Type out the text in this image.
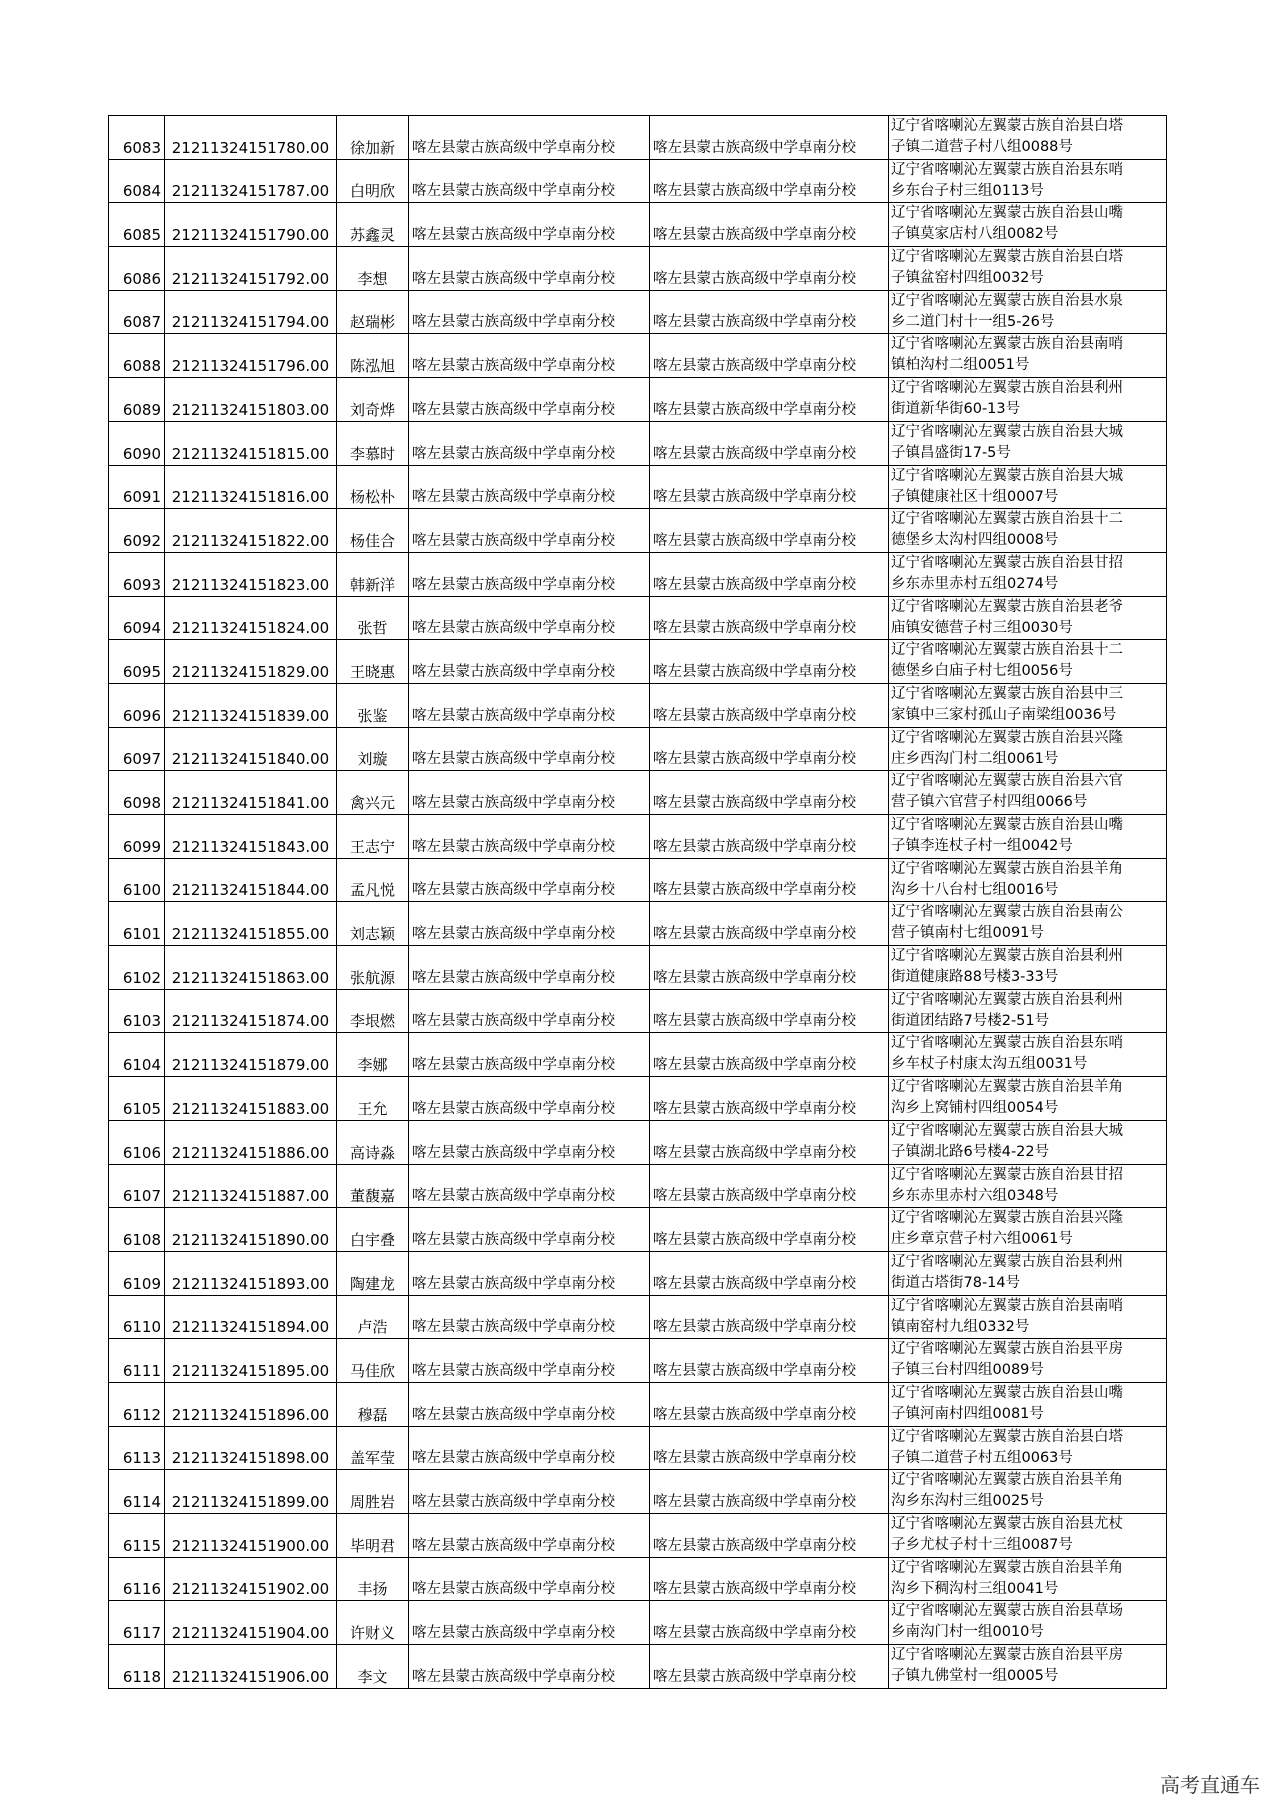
6083	21211324151780.00	徐加新	喀左县蒙古族高级中学卓南分校	喀左县蒙古族高级中学卓南分校	辽宁省喀喇沁左翼蒙古族自治县白塔
子镇二道营子村八组0088号

6084	21211324151787.00	白明欣	喀左县蒙古族高级中学卓南分校	喀左县蒙古族高级中学卓南分校	辽宁省喀喇沁左翼蒙古族自治县东哨
乡东台子村三组0113号

6085	21211324151790.00	苏鑫灵	喀左县蒙古族高级中学卓南分校	喀左县蒙古族高级中学卓南分校	辽宁省喀喇沁左翼蒙古族自治县山嘴
子镇莫家店村八组0082号

6086	21211324151792.00	李想	喀左县蒙古族高级中学卓南分校	喀左县蒙古族高级中学卓南分校	辽宁省喀喇沁左翼蒙古族自治县白塔
子镇盆窑村四组0032号

6087	21211324151794.00	赵瑞彬	喀左县蒙古族高级中学卓南分校	喀左县蒙古族高级中学卓南分校	辽宁省喀喇沁左翼蒙古族自治县水泉
乡二道门村十一组5-26号

6088	21211324151796.00	陈泓旭	喀左县蒙古族高级中学卓南分校	喀左县蒙古族高级中学卓南分校	辽宁省喀喇沁左翼蒙古族自治县南哨
镇柏沟村二组0051号

6089	21211324151803.00	刘奇烨	喀左县蒙古族高级中学卓南分校	喀左县蒙古族高级中学卓南分校	辽宁省喀喇沁左翼蒙古族自治县利州
街道新华街60-13号

6090	21211324151815.00	李慕时	喀左县蒙古族高级中学卓南分校	喀左县蒙古族高级中学卓南分校	辽宁省喀喇沁左翼蒙古族自治县大城
子镇昌盛街17-5号

6091	21211324151816.00	杨松朴	喀左县蒙古族高级中学卓南分校	喀左县蒙古族高级中学卓南分校	辽宁省喀喇沁左翼蒙古族自治县大城
子镇健康社区十组0007号

6092	21211324151822.00	杨佳合	喀左县蒙古族高级中学卓南分校	喀左县蒙古族高级中学卓南分校	辽宁省喀喇沁左翼蒙古族自治县十二
德堡乡太沟村四组0008号

6093	21211324151823.00	韩新洋	喀左县蒙古族高级中学卓南分校	喀左县蒙古族高级中学卓南分校	辽宁省喀喇沁左翼蒙古族自治县甘招
乡东赤里赤村五组0274号

6094	21211324151824.00	张哲	喀左县蒙古族高级中学卓南分校	喀左县蒙古族高级中学卓南分校	辽宁省喀喇沁左翼蒙古族自治县老爷
庙镇安德营子村三组0030号

6095	21211324151829.00	王晓惠	喀左县蒙古族高级中学卓南分校	喀左县蒙古族高级中学卓南分校	辽宁省喀喇沁左翼蒙古族自治县十二
德堡乡白庙子村七组0056号

6096	21211324151839.00	张鉴	喀左县蒙古族高级中学卓南分校	喀左县蒙古族高级中学卓南分校	辽宁省喀喇沁左翼蒙古族自治县中三
家镇中三家村孤山子南梁组0036号

6097	21211324151840.00	刘璇	喀左县蒙古族高级中学卓南分校	喀左县蒙古族高级中学卓南分校	辽宁省喀喇沁左翼蒙古族自治县兴隆
庄乡西沟门村二组0061号

6098	21211324151841.00	禽兴元	喀左县蒙古族高级中学卓南分校	喀左县蒙古族高级中学卓南分校	辽宁省喀喇沁左翼蒙古族自治县六官
营子镇六官营子村四组0066号

6099	21211324151843.00	王志宁	喀左县蒙古族高级中学卓南分校	喀左县蒙古族高级中学卓南分校	辽宁省喀喇沁左翼蒙古族自治县山嘴
子镇李连杖子村一组0042号

6100	21211324151844.00	孟凡悦	喀左县蒙古族高级中学卓南分校	喀左县蒙古族高级中学卓南分校	辽宁省喀喇沁左翼蒙古族自治县羊角
沟乡十八台村七组0016号

6101	21211324151855.00	刘志颖	喀左县蒙古族高级中学卓南分校	喀左县蒙古族高级中学卓南分校	辽宁省喀喇沁左翼蒙古族自治县南公
营子镇南村七组0091号

6102	21211324151863.00	张航源	喀左县蒙古族高级中学卓南分校	喀左县蒙古族高级中学卓南分校	辽宁省喀喇沁左翼蒙古族自治县利州
街道健康路88号楼3-33号

6103	21211324151874.00	李垠燃	喀左县蒙古族高级中学卓南分校	喀左县蒙古族高级中学卓南分校	辽宁省喀喇沁左翼蒙古族自治县利州
街道团结路7号楼2-51号

6104	21211324151879.00	李娜	喀左县蒙古族高级中学卓南分校	喀左县蒙古族高级中学卓南分校	辽宁省喀喇沁左翼蒙古族自治县东哨
乡车杖子村康太沟五组0031号

6105	21211324151883.00	王允	喀左县蒙古族高级中学卓南分校	喀左县蒙古族高级中学卓南分校	辽宁省喀喇沁左翼蒙古族自治县羊角
沟乡上窝铺村四组0054号

6106	21211324151886.00	高诗淼	喀左县蒙古族高级中学卓南分校	喀左县蒙古族高级中学卓南分校	辽宁省喀喇沁左翼蒙古族自治县大城
子镇湖北路6号楼4-22号

6107	21211324151887.00	董馥嘉	喀左县蒙古族高级中学卓南分校	喀左县蒙古族高级中学卓南分校	辽宁省喀喇沁左翼蒙古族自治县甘招
乡东赤里赤村六组0348号

6108	21211324151890.00	白宇叠	喀左县蒙古族高级中学卓南分校	喀左县蒙古族高级中学卓南分校	辽宁省喀喇沁左翼蒙古族自治县兴隆
庄乡章京营子村六组0061号

6109	21211324151893.00	陶建龙	喀左县蒙古族高级中学卓南分校	喀左县蒙古族高级中学卓南分校	辽宁省喀喇沁左翼蒙古族自治县利州
街道古塔街78-14号

6110	21211324151894.00	卢浩	喀左县蒙古族高级中学卓南分校	喀左县蒙古族高级中学卓南分校	辽宁省喀喇沁左翼蒙古族自治县南哨
镇南窑村九组0332号

6111	21211324151895.00	马佳欣	喀左县蒙古族高级中学卓南分校	喀左县蒙古族高级中学卓南分校	辽宁省喀喇沁左翼蒙古族自治县平房
子镇三台村四组0089号

6112	21211324151896.00	穆磊	喀左县蒙古族高级中学卓南分校	喀左县蒙古族高级中学卓南分校	辽宁省喀喇沁左翼蒙古族自治县山嘴
子镇河南村四组0081号

6113	21211324151898.00	盖军莹	喀左县蒙古族高级中学卓南分校	喀左县蒙古族高级中学卓南分校	辽宁省喀喇沁左翼蒙古族自治县白塔
子镇二道营子村五组0063号

6114	21211324151899.00	周胜岩	喀左县蒙古族高级中学卓南分校	喀左县蒙古族高级中学卓南分校	辽宁省喀喇沁左翼蒙古族自治县羊角
沟乡东沟村三组0025号

6115	21211324151900.00	毕明君	喀左县蒙古族高级中学卓南分校	喀左县蒙古族高级中学卓南分校	辽宁省喀喇沁左翼蒙古族自治县尤杖
子乡尤杖子村十三组0087号

6116	21211324151902.00	丰扬	喀左县蒙古族高级中学卓南分校	喀左县蒙古族高级中学卓南分校	辽宁省喀喇沁左翼蒙古族自治县羊角
沟乡下稠沟村三组0041号

6117	21211324151904.00	许财义	喀左县蒙古族高级中学卓南分校	喀左县蒙古族高级中学卓南分校	辽宁省喀喇沁左翼蒙古族自治县草场
乡南沟门村一组0010号

6118	21211324151906.00	李文	喀左县蒙古族高级中学卓南分校	喀左县蒙古族高级中学卓南分校	辽宁省喀喇沁左翼蒙古族自治县平房
子镇九佛堂村一组0005号
高考直通车
